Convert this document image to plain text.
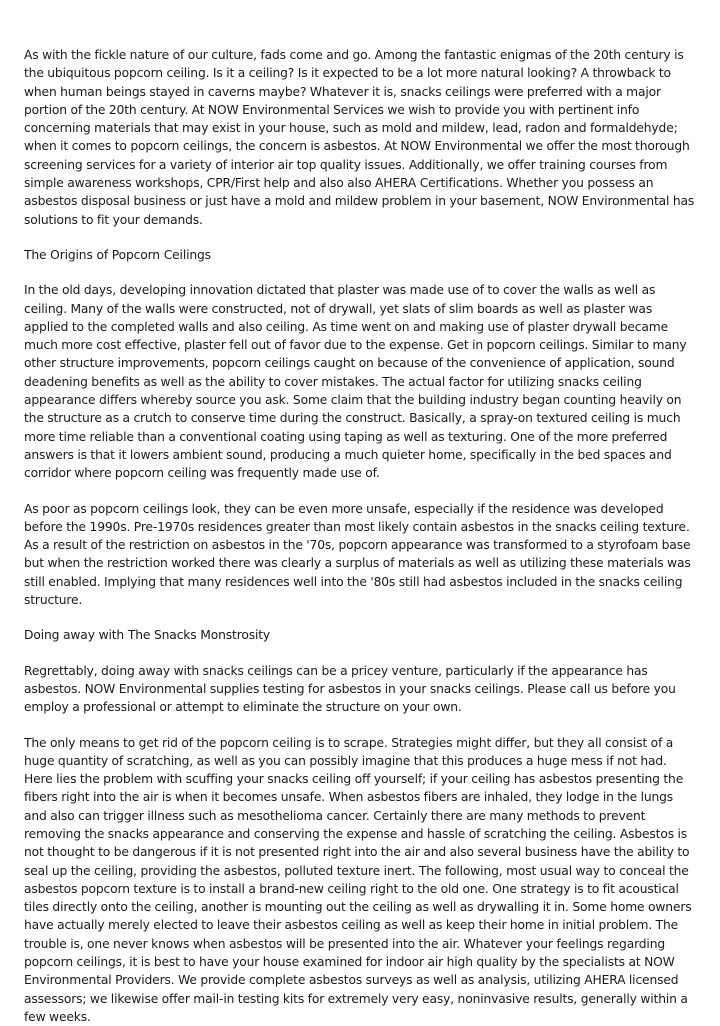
As with the fickle nature of our culture, fads come and go. Among the fantastic enigmas of the 20th century is the ubiquitous popcorn ceiling. Is it a ceiling? Is it expected to be a lot more natural looking? A throwback to when human beings stayed in caverns maybe? Whatever it is, snacks ceilings were preferred with a major portion of the 20th century. At NOW Environmental Services we wish to provide you with pertinent info concerning materials that may exist in your house, such as mold and mildew, lead, radon and formaldehyde; when it comes to popcorn ceilings, the concern is asbestos. At NOW Environmental we offer the most thorough screening services for a variety of interior air top quality issues. Additionally, we offer training courses from simple awareness workshops, CPR/First help and also also AHERA Certifications. Whether you possess an asbestos disposal business or just have a mold and mildew problem in your basement, NOW Environmental has solutions to fit your demands.

The Origins of Popcorn Ceilings

In the old days, developing innovation dictated that plaster was made use of to cover the walls as well as ceiling. Many of the walls were constructed, not of drywall, yet slats of slim boards as well as plaster was applied to the completed walls and also ceiling. As time went on and making use of plaster drywall became much more cost effective, plaster fell out of favor due to the expense. Get in popcorn ceilings. Similar to many other structure improvements, popcorn ceilings caught on because of the convenience of application, sound deadening benefits as well as the ability to cover mistakes. The actual factor for utilizing snacks ceiling appearance differs whereby source you ask. Some claim that the building industry began counting heavily on the structure as a crutch to conserve time during the construct. Basically, a spray-on textured ceiling is much more time reliable than a conventional coating using taping as well as texturing. One of the more preferred answers is that it lowers ambient sound, producing a much quieter home, specifically in the bed spaces and corridor where popcorn ceiling was frequently made use of.

As poor as popcorn ceilings look, they can be even more unsafe, especially if the residence was developed before the 1990s. Pre-1970s residences greater than most likely contain asbestos in the snacks ceiling texture. As a result of the restriction on asbestos in the '70s, popcorn appearance was transformed to a styrofoam base but when the restriction worked there was clearly a surplus of materials as well as utilizing these materials was still enabled. Implying that many residences well into the '80s still had asbestos included in the snacks ceiling structure.

Doing away with The Snacks Monstrosity

Regrettably, doing away with snacks ceilings can be a pricey venture, particularly if the appearance has asbestos. NOW Environmental supplies testing for asbestos in your snacks ceilings. Please call us before you employ a professional or attempt to eliminate the structure on your own.

The only means to get rid of the popcorn ceiling is to scrape. Strategies might differ, but they all consist of a huge quantity of scratching, as well as you can possibly imagine that this produces a huge mess if not had. Here lies the problem with scuffing your snacks ceiling off yourself; if your ceiling has asbestos presenting the fibers right into the air is when it becomes unsafe. When asbestos fibers are inhaled, they lodge in the lungs and also can trigger illness such as mesothelioma cancer. Certainly there are many methods to prevent removing the snacks appearance and conserving the expense and hassle of scratching the ceiling. Asbestos is not thought to be dangerous if it is not presented right into the air and also several business have the ability to seal up the ceiling, providing the asbestos, polluted texture inert. The following, most usual way to conceal the asbestos popcorn texture is to install a brand-new ceiling right to the old one. One strategy is to fit acoustical tiles directly onto the ceiling, another is mounting out the ceiling as well as drywalling it in. Some home owners have actually merely elected to leave their asbestos ceiling as well as keep their home in initial problem. The trouble is, one never knows when asbestos will be presented into the air. Whatever your feelings regarding popcorn ceilings, it is best to have your house examined for indoor air high quality by the specialists at NOW Environmental Providers. We provide complete asbestos surveys as well as analysis, utilizing AHERA licensed assessors; we likewise offer mail-in testing kits for extremely very easy, noninvasive results, generally within a few weeks.
